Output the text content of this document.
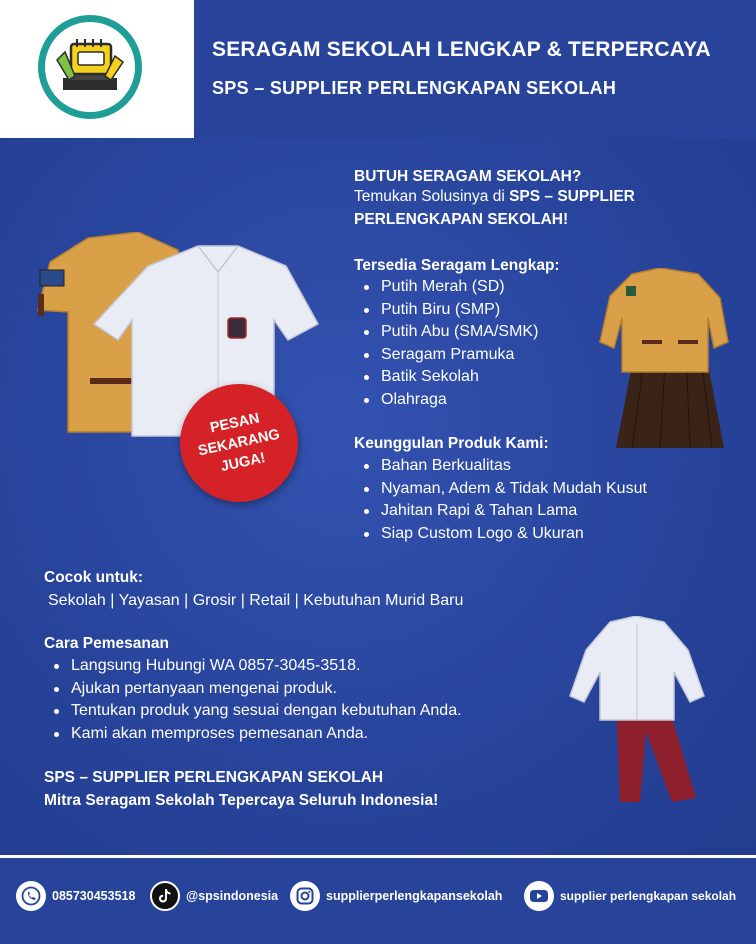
SERAGAM SEKOLAH LENGKAP & TERPERCAYA
SPS – SUPPLIER PERLENGKAPAN SEKOLAH
PESAN
SEKARANG
JUGA!
BUTUH SERAGAM SEKOLAH?
Temukan Solusinya di SPS – SUPPLIER
PERLENGKAPAN SEKOLAH!
Tersedia Seragam Lengkap:
Putih Merah (SD)
Putih Biru (SMP)
Putih Abu (SMA/SMK)
Seragam Pramuka
Batik Sekolah
Olahraga
Keunggulan Produk Kami:
Bahan Berkualitas
Nyaman, Adem & Tidak Mudah Kusut
Jahitan Rapi & Tahan Lama
Siap Custom Logo & Ukuran
Cocok untuk:
Sekolah | Yayasan | Grosir | Retail | Kebutuhan Murid Baru
Cara Pemesanan
Langsung Hubungi WA 0857-3045-3518.
Ajukan pertanyaan mengenai produk.
Tentukan produk yang sesuai dengan kebutuhan Anda.
Kami akan memproses pemesanan Anda.
SPS – SUPPLIER PERLENGKAPAN SEKOLAH
Mitra Seragam Sekolah Tepercaya Seluruh Indonesia!
085730453518	@spsindonesia	supplierperlengkapansekolah	supplier perlengkapan sekolah
